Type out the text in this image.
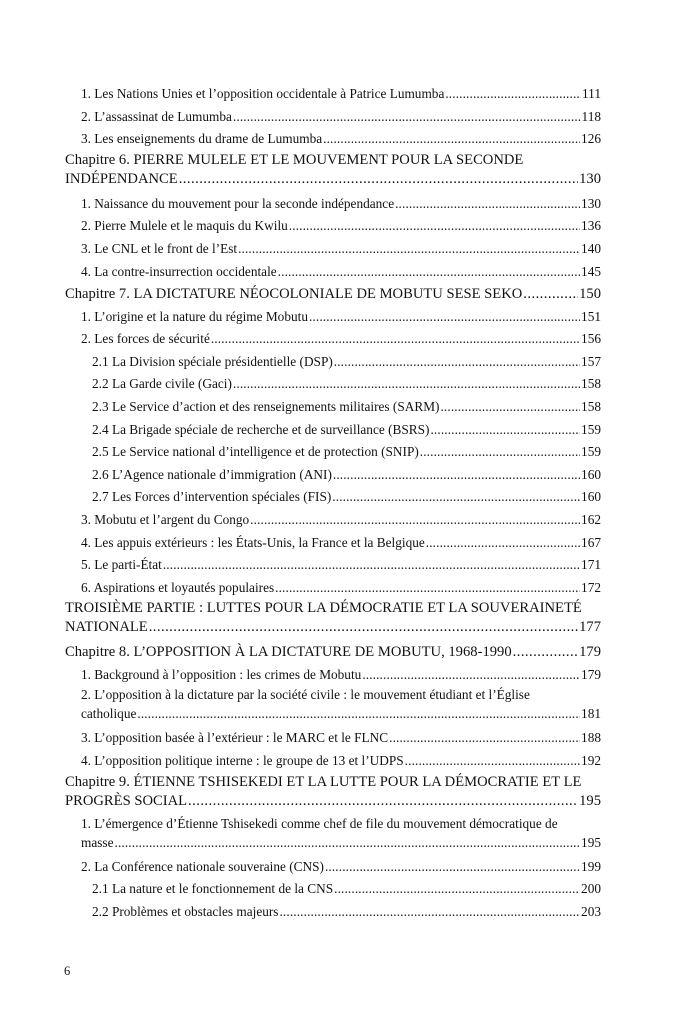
1. Les Nations Unies et l’opposition occidentale à Patrice Lumumba . . .	111
2. L’assassinat de Lumumba . . .	118
3. Les enseignements du drame de Lumumba . . .	126
Chapitre 6. PIERRE MULELE ET LE MOUVEMENT POUR LA SECONDE
INDÉPENDANCE . . .	130
1. Naissance du mouvement pour la seconde indépendance . . .	130
2. Pierre Mulele et le maquis du Kwilu . . .	136
3. Le CNL et le front de l’Est . . .	140
4. La contre-insurrection occidentale . . .	145
Chapitre 7. LA DICTATURE NÉOCOLONIALE DE MOBUTU SESE SEKO . . .	150
1. L’origine et la nature du régime Mobutu . . .	151
2. Les forces de sécurité . . .	156
2.1 La Division spéciale présidentielle (DSP) . . .	157
2.2 La Garde civile (Gaci) . . .	158
2.3 Le Service d’action et des renseignements militaires (SARM) . . .	158
2.4 La Brigade spéciale de recherche et de surveillance (BSRS) . . .	159
2.5 Le Service national d’intelligence et de protection (SNIP) . . .	159
2.6 L’Agence nationale d’immigration (ANI) . . .	160
2.7 Les Forces d’intervention spéciales (FIS) . . .	160
3. Mobutu et l’argent du Congo . . .	162
4. Les appuis extérieurs : les États-Unis, la France et la Belgique . . .	167
5. Le parti-État . . .	171
6. Aspirations et loyautés populaires . . .	172
TROISIÈME PARTIE : LUTTES POUR LA DÉMOCRATIE ET LA SOUVERAINETÉ
NATIONALE . . .	177
Chapitre 8. L’OPPOSITION À LA DICTATURE DE MOBUTU, 1968-1990 . . .	179
1. Background à l’opposition : les crimes de Mobutu . . .	179
2. L’opposition à la dictature par la société civile : le mouvement étudiant et l’Église
catholique . . .	181
3. L’opposition basée à l’extérieur : le MARC et le FLNC . . .	188
4. L’opposition politique interne : le groupe de 13 et l’UDPS . . .	192
Chapitre 9. ÉTIENNE TSHISEKEDI ET LA LUTTE POUR LA DÉMOCRATIE ET LE
PROGRÈS SOCIAL . . .	195
1. L’émergence d’Étienne Tshisekedi comme chef de file du mouvement démocratique de
masse . . .	195
2. La Conférence nationale souveraine (CNS) . . .	199
2.1 La nature et le fonctionnement de la CNS . . .	200
2.2 Problèmes et obstacles majeurs . . .	203
6
